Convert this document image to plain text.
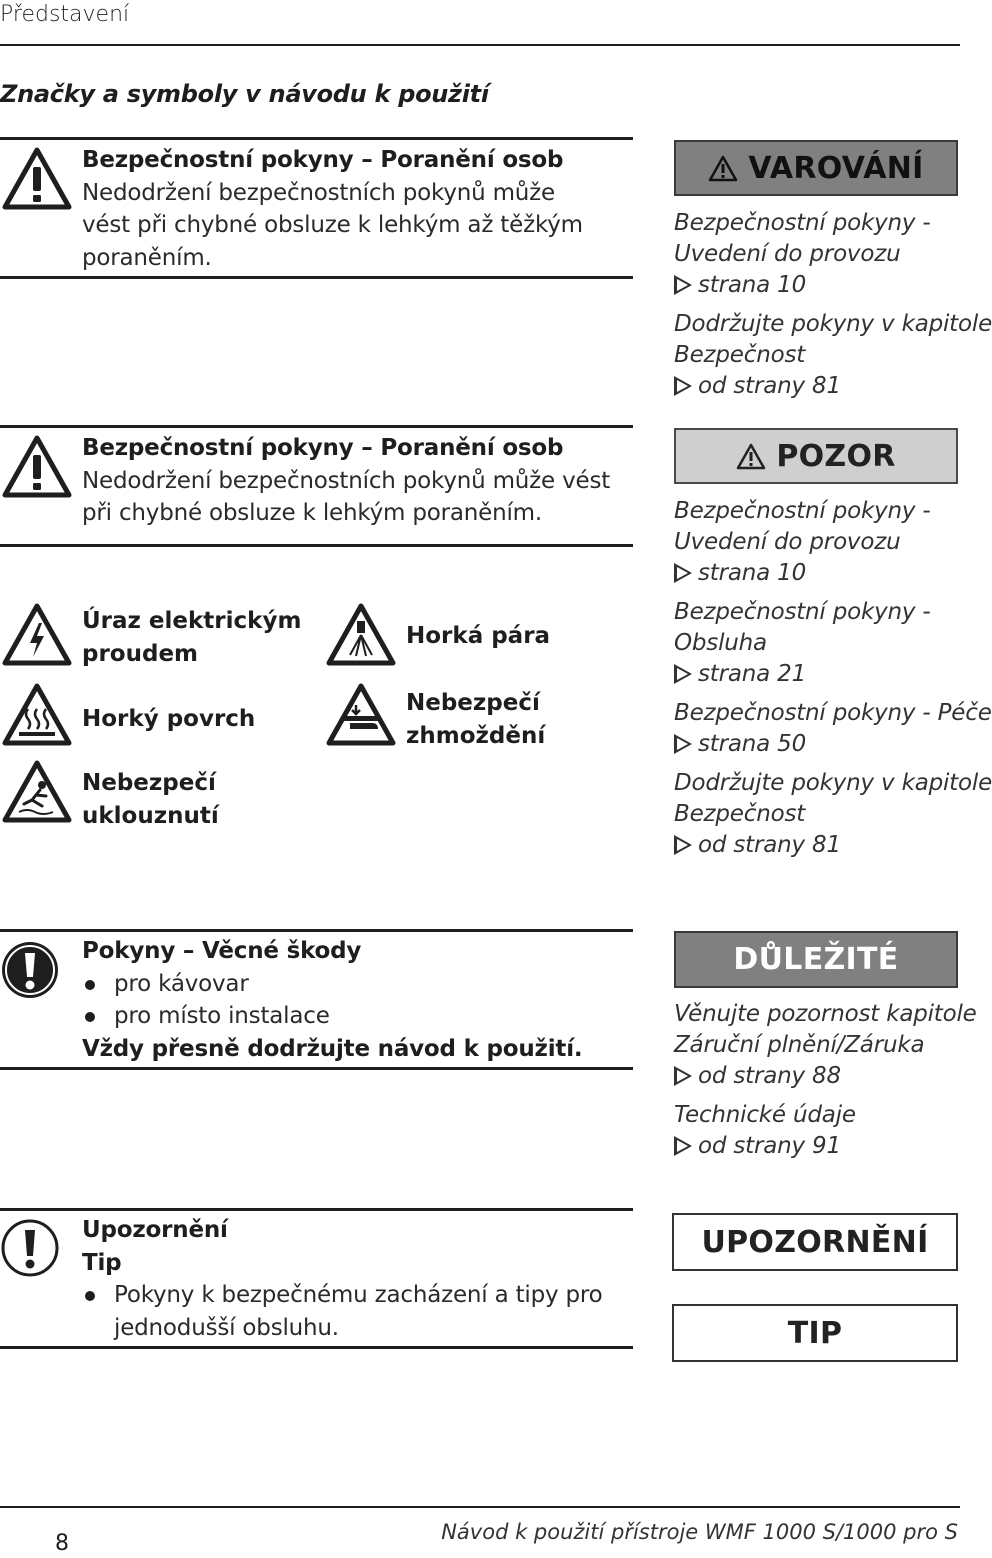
Představení
Značky a symboly v návodu k použití
Bezpečnostní pokyny – Poranění osob
Nedodržení bezpečnostních pokynů může
vést při chybné obsluze k lehkým až těžkým
poraněním.
Bezpečnostní pokyny – Poranění osob
Nedodržení bezpečnostních pokynů může vést
při chybné obsluze k lehkým poraněním.
Úraz elektrickým
proudem
Horká pára
Horký povrch
Nebezpečí
zhmoždění
Nebezpečí
uklouznutí
Pokyny – Věcné škody
pro kávovar
pro místo instalace
Vždy přesně dodržujte návod k použití.
Upozornění
Tip
Pokyny k bezpečnému zacházení a tipy pro
jednodušší obsluhu.
VAROVÁNÍ
Bezpečnostní pokyny -
Uvedení do provozu
strana 10
Dodržujte pokyny v kapitole
Bezpečnost
od strany 81
POZOR
Bezpečnostní pokyny -
Uvedení do provozu
strana 10
Bezpečnostní pokyny -
Obsluha
strana 21
Bezpečnostní pokyny - Péče
strana 50
Dodržujte pokyny v kapitole
Bezpečnost
od strany 81
DŮLEŽITÉ
Věnujte pozornost kapitole
Záruční plnění/Záruka
od strany 88
Technické údaje
od strany 91
UPOZORNĚNÍ
TIP
8	Návod k použití přístroje WMF 1000 S/1000 pro S
